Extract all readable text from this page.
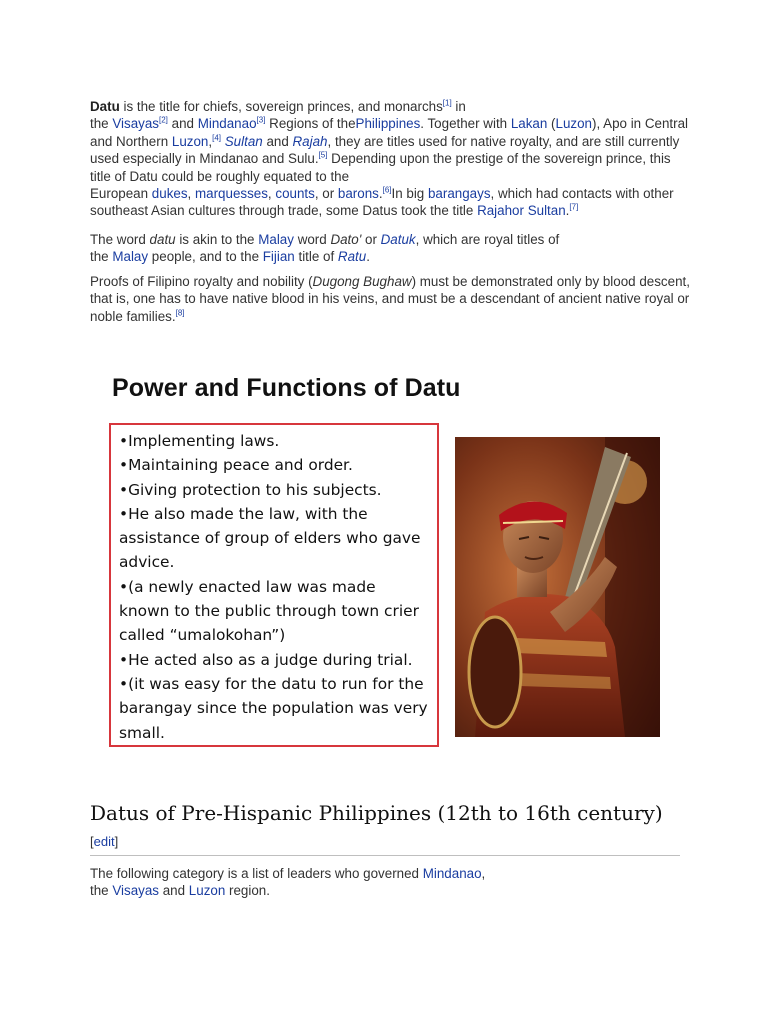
Datu is the title for chiefs, sovereign princes, and monarchs[1] in
the Visayas[2] and Mindanao[3] Regions of thePhilippines. Together with Lakan (Luzon), Apo in Central and Northern Luzon,[4] Sultan and Rajah, they are titles used for native royalty, and are still currently used especially in Mindanao and Sulu.[5] Depending upon the prestige of the sovereign prince, this title of Datu could be roughly equated to the
European dukes, marquesses, counts, or barons.[6]In big barangays, which had contacts with other southeast Asian cultures through trade, some Datus took the title Rajahor Sultan.[7]

The word datu is akin to the Malay word Dato' or Datuk, which are royal titles of
the Malay people, and to the Fijian title of Ratu.

Proofs of Filipino royalty and nobility (Dugong Bughaw) must be demonstrated only by blood descent, that is, one has to have native blood in his veins, and must be a descendant of ancient native royal or noble families.[8]

Power and Functions of Datu
•Implementing laws.
•Maintaining peace and order.
•Giving protection to his subjects.
•He also made the law, with the
assistance of group of elders who gave
advice.
•(a newly enacted law was made
known to the public through town crier
called “umalokohan”)
•He acted also as a judge during trial.
•(it was easy for the datu to run for the
barangay since the population was very
small.
Datus of Pre-Hispanic Philippines (12th to 16th century)[edit]

The following category is a list of leaders who governed Mindanao,
the Visayas and Luzon region.
